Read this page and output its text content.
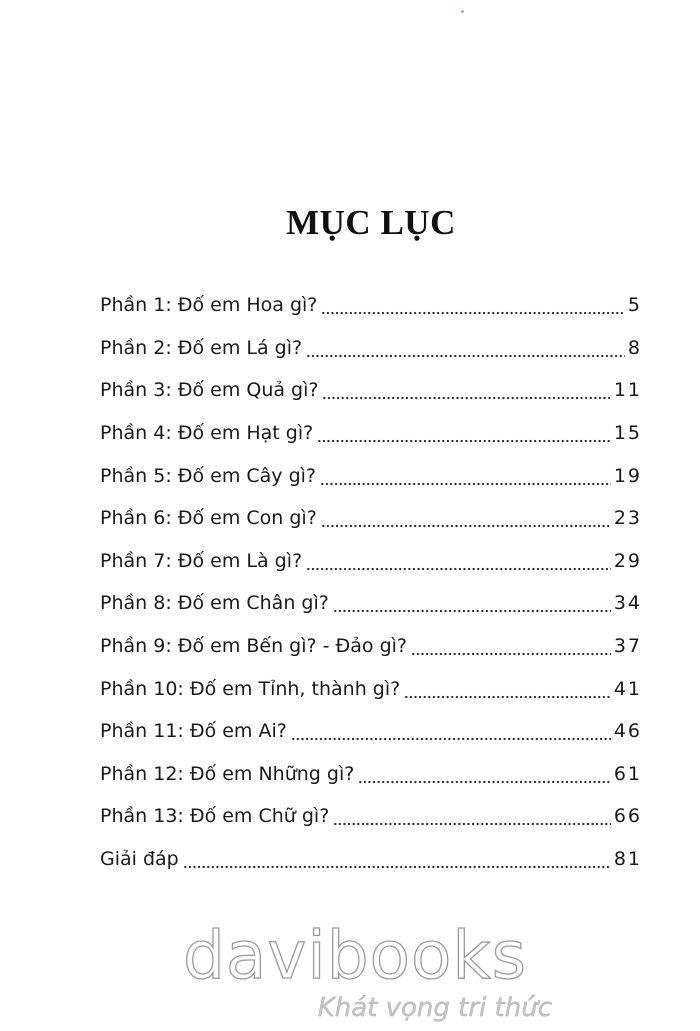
MỤC LỤC
Phần 1: Đố em Hoa gì?	5
Phần 2: Đố em Lá gì?	8
Phần 3: Đố em Quả gì?	11
Phần 4: Đố em Hạt gì?	15
Phần 5: Đố em Cây gì?	19
Phần 6: Đố em Con gì?	23
Phần 7: Đố em Là gì?	29
Phần 8: Đố em Chân gì?	34
Phần 9: Đố em Bến gì? - Đảo gì?	37
Phần 10: Đố em Tỉnh, thành gì?	41
Phần 11: Đố em Ai?	46
Phần 12: Đố em Những gì?	61
Phần 13: Đố em Chữ gì?	66
Giải đáp	81
davibooks
Khát vọng tri thức
